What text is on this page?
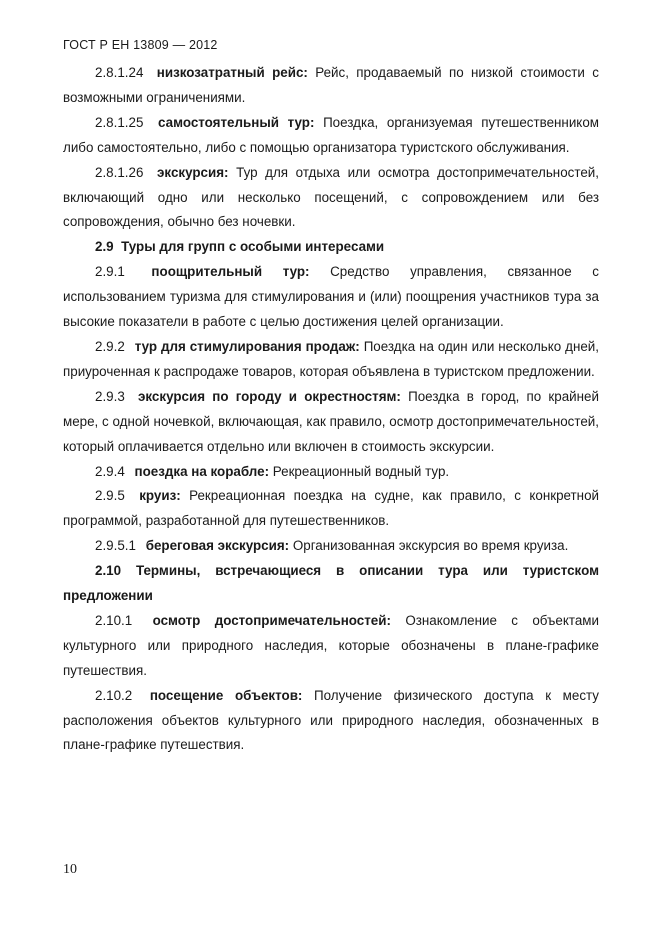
ГОСТ Р ЕН 13809 — 2012

2.8.1.24 низкозатратный рейс: Рейс, продаваемый по низкой стоимости с возможными ограничениями.

2.8.1.25 самостоятельный тур: Поездка, организуемая путешественником либо самостоятельно, либо с помощью организатора туристского обслуживания.

2.8.1.26 экскурсия: Тур для отдыха или осмотра достопримечательностей, включающий одно или несколько посещений, с сопровождением или без сопровождения, обычно без ночевки.

2.9 Туры для групп с особыми интересами

2.9.1 поощрительный тур: Средство управления, связанное с использованием туризма для стимулирования и (или) поощрения участников тура за высокие показатели в работе с целью достижения целей организации.

2.9.2 тур для стимулирования продаж: Поездка на один или несколько дней, приуроченная к распродаже товаров, которая объявлена в туристском предложении.

2.9.3 экскурсия по городу и окрестностям: Поездка в город, по крайней мере, с одной ночевкой, включающая, как правило, осмотр достопримечательностей, который оплачивается отдельно или включен в стоимость экскурсии.

2.9.4 поездка на корабле: Рекреационный водный тур.

2.9.5 круиз: Рекреационная поездка на судне, как правило, с конкретной программой, разработанной для путешественников.

2.9.5.1 береговая экскурсия: Организованная экскурсия во время круиза.

2.10 Термины, встречающиеся в описании тура или туристском предложении

2.10.1 осмотр достопримечательностей: Ознакомление с объектами культурного или природного наследия, которые обозначены в плане-графике путешествия.

2.10.2 посещение объектов: Получение физического доступа к месту расположения объектов культурного или природного наследия, обозначенных в плане-графике путешествия.

10
